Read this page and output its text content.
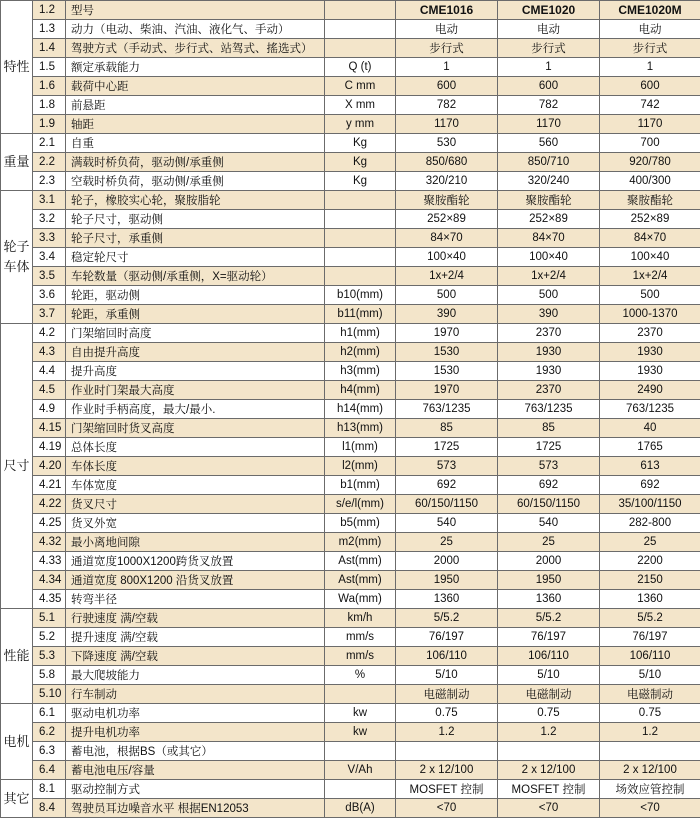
特性	1.2	型号		CME1016	CME1020	CME1020M
	1.3	动力（电动、柴油、汽油、液化气、手动）		电动	电动	电动
	1.4	驾驶方式（手动式、步行式、站驾式、搖选式）		步行式	步行式	步行式
	1.5	额定承载能力	Q (t)	1	1	1
	1.6	载荷中心距	C mm	600	600	600
	1.8	前悬距	X mm	782	782	742
	1.9	轴距	y mm	1170	1170	1170
重量	2.1	自重	Kg	530	560	700
	2.2	满载时桥负荷，驱动侧/承重侧	Kg	850/680	850/710	920/780
	2.3	空载时桥负荷，驱动侧/承重侧	Kg	320/210	320/240	400/300
轮子车体	3.1	轮子，橡胶实心轮，聚胺脂轮		聚胺酯轮	聚胺酯轮	聚胺酯轮
	3.2	轮子尺寸，驱动侧		252×89	252×89	252×89
	3.3	轮子尺寸，承重侧		84×70	84×70	84×70
	3.4	稳定轮尺寸		100×40	100×40	100×40
	3.5	车轮数量（驱动侧/承重侧，X=驱动轮）		1x+2/4	1x+2/4	1x+2/4
	3.6	轮距，驱动侧	b10(mm)	500	500	500
	3.7	轮距，承重侧	b11(mm)	390	390	1000-1370
尺寸	4.2	门架缩回时高度	h1(mm)	1970	2370	2370
	4.3	自由提升高度	h2(mm)	1530	1930	1930
	4.4	提升高度	h3(mm)	1530	1930	1930
	4.5	作业时门架最大高度	h4(mm)	1970	2370	2490
	4.9	作业时手柄高度，最大/最小.	h14(mm)	763/1235	763/1235	763/1235
	4.15	门架缩回时货叉高度	h13(mm)	85	85	40
	4.19	总体长度	l1(mm)	1725	1725	1765
	4.20	车体长度	l2(mm)	573	573	613
	4.21	车体宽度	b1(mm)	692	692	692
	4.22	货叉尺寸	s/e/l(mm)	60/150/1150	60/150/1150	35/100/1150
	4.25	货叉外宽	b5(mm)	540	540	282-800
	4.32	最小离地间隙	m2(mm)	25	25	25
	4.33	通道宽度1000X1200跨货叉放置	Ast(mm)	2000	2000	2200
	4.34	通道宽度 800X1200 沿货叉放置	Ast(mm)	1950	1950	2150
	4.35	转弯半径	Wa(mm)	1360	1360	1360
性能	5.1	行驶速度 满/空载	km/h	5/5.2	5/5.2	5/5.2
	5.2	提升速度 满/空载	mm/s	76/197	76/197	76/197
	5.3	下降速度 满/空载	mm/s	106/110	106/110	106/110
	5.8	最大爬坡能力	%	5/10	5/10	5/10
	5.10	行车制动		电磁制动	电磁制动	电磁制动
电机	6.1	驱动电机功率	kw	0.75	0.75	0.75
	6.2	提升电机功率	kw	1.2	1.2	1.2
	6.3	蓄电池，根据BS（或其它）				
	6.4	蓄电池电压/容量	V/Ah	2 x 12/100	2 x 12/100	2 x 12/100
其它	8.1	驱动控制方式		MOSFET 控制	MOSFET 控制	场效应管控制
	8.4	驾驶员耳边噪音水平 根据EN12053	dB(A)	<70	<70	<70
